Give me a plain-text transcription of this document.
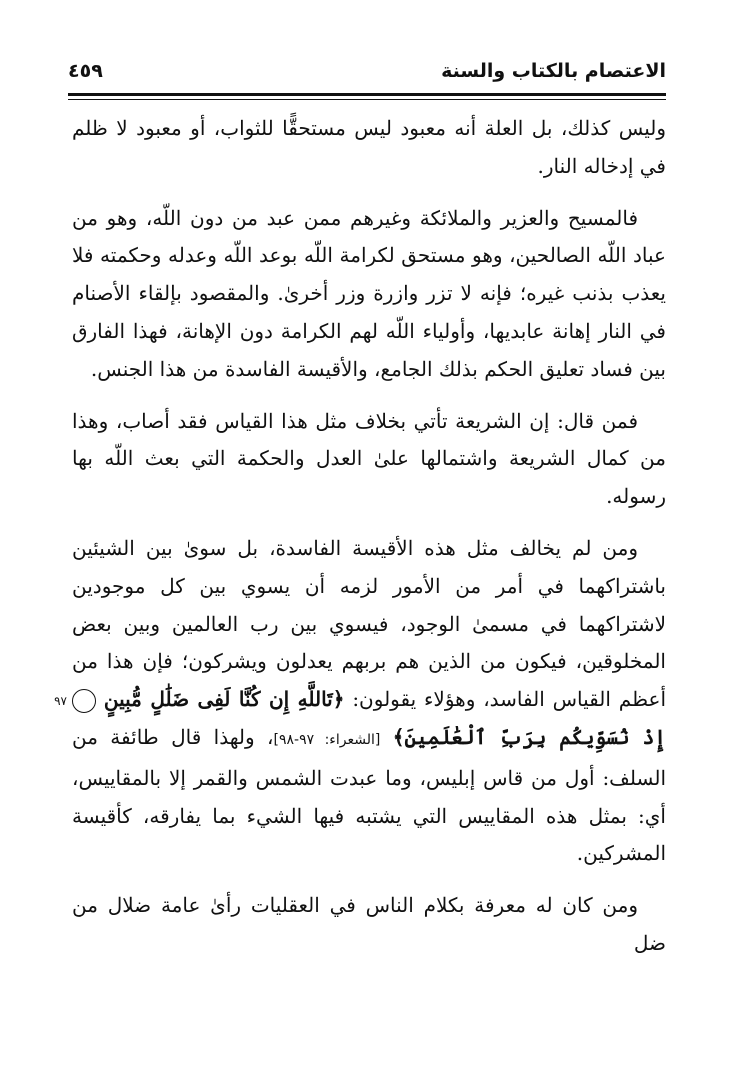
الاعتصام بالكتاب والسنة
٤٥٩

وليس كذلك، بل العلة أنه معبود ليس مستحقًّا للثواب، أو معبود لا ظلم في إدخاله النار.

فالمسيح والعزير والملائكة وغيرهم ممن عبد من دون اللّه، وهو من عباد اللّه الصالحين، وهو مستحق لكرامة اللّه بوعد اللّه وعدله وحكمته فلا يعذب بذنب غيره؛ فإنه لا تزر وازرة وزر أخرىٰ. والمقصود بإلقاء الأصنام في النار إهانة عابديها، وأولياء اللّه لهم الكرامة دون الإهانة، فهذا الفارق بين فساد تعليق الحكم بذلك الجامع، والأقيسة الفاسدة من هذا الجنس.

فمن قال: إن الشريعة تأتي بخلاف مثل هذا القياس فقد أصاب، وهذا من كمال الشريعة واشتمالها علىٰ العدل والحكمة التي بعث اللّه بها رسوله.

ومن لم يخالف مثل هذه الأقيسة الفاسدة، بل سوىٰ بين الشيئين باشتراكهما في أمر من الأمور لزمه أن يسوي بين كل موجودين لاشتراكهما في مسمىٰ الوجود، فيسوي بين رب العالمين وبين بعض المخلوقين، فيكون من الذين هم بربهم يعدلون ويشركون؛ فإن هذا من أعظم القياس الفاسد، وهؤلاء يقولون: ﴿تَاللَّهِ إِن كُنَّا لَفِى ضَلَٰلٍ مُّبِينٍ ٩٧ إِذْ نُسَوِّيكُم بِرَبِّ ٱلْعَٰلَمِينَ﴾ [الشعراء: ٩٧-٩٨]، ولهذا قال طائفة من السلف: أول من قاس إبليس، وما عبدت الشمس والقمر إلا بالمقاييس، أي: بمثل هذه المقاييس التي يشتبه فيها الشيء بما يفارقه، كأقيسة المشركين.

ومن كان له معرفة بكلام الناس في العقليات رأىٰ عامة ضلال من ضل
